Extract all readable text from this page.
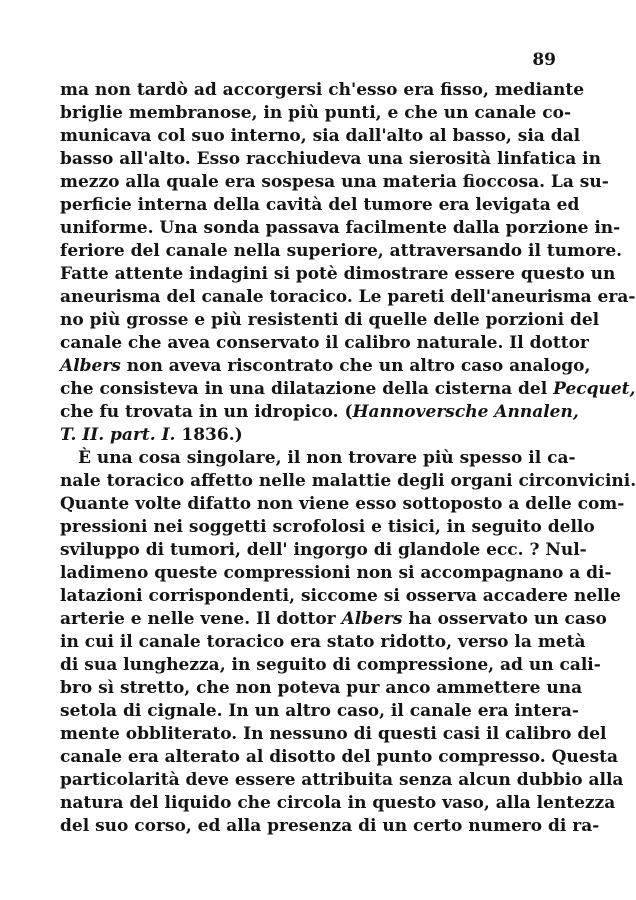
89
ma non tardò ad accorgersi ch'esso era fisso, mediante
briglie membranose, in più punti, e che un canale co-
municava col suo interno, sia dall'alto al basso, sia dal
basso all'alto. Esso racchiudeva una sierosità linfatica in
mezzo alla quale era sospesa una materia fioccosa. La su-
perficie interna della cavità del tumore era levigata ed
uniforme. Una sonda passava facilmente dalla porzione in-
feriore del canale nella superiore, attraversando il tumore.
Fatte attente indagini si potè dimostrare essere questo un
aneurisma del canale toracico. Le pareti dell'aneurisma era-
no più grosse e più resistenti di quelle delle porzioni del
canale che avea conservato il calibro naturale. Il dottor
Albers non aveva riscontrato che un altro caso analogo,
che consisteva in una dilatazione della cisterna del Pecquet,
che fu trovata in un idropico. (Hannoversche Annalen,
T. II. part. I. 1836.)
È una cosa singolare, il non trovare più spesso il ca-
nale toracico affetto nelle malattie degli organi circonvicini.
Quante volte difatto non viene esso sottoposto a delle com-
pressioni nei soggetti scrofolosi e tisici, in seguito dello
sviluppo di tumori, dell' ingorgo di glandole ecc. ? Nul-
ladimeno queste compressioni non si accompagnano a di-
latazioni corrispondenti, siccome si osserva accadere nelle
arterie e nelle vene. Il dottor Albers ha osservato un caso
in cui il canale toracico era stato ridotto, verso la metà
di sua lunghezza, in seguito di compressione, ad un cali-
bro sì stretto, che non poteva pur anco ammettere una
setola di cignale. In un altro caso, il canale era intera-
mente obbliterato. In nessuno di questi casi il calibro del
canale era alterato al disotto del punto compresso. Questa
particolarità deve essere attribuita senza alcun dubbio alla
natura del liquido che circola in questo vaso, alla lentezza
del suo corso, ed alla presenza di un certo numero di ra-
